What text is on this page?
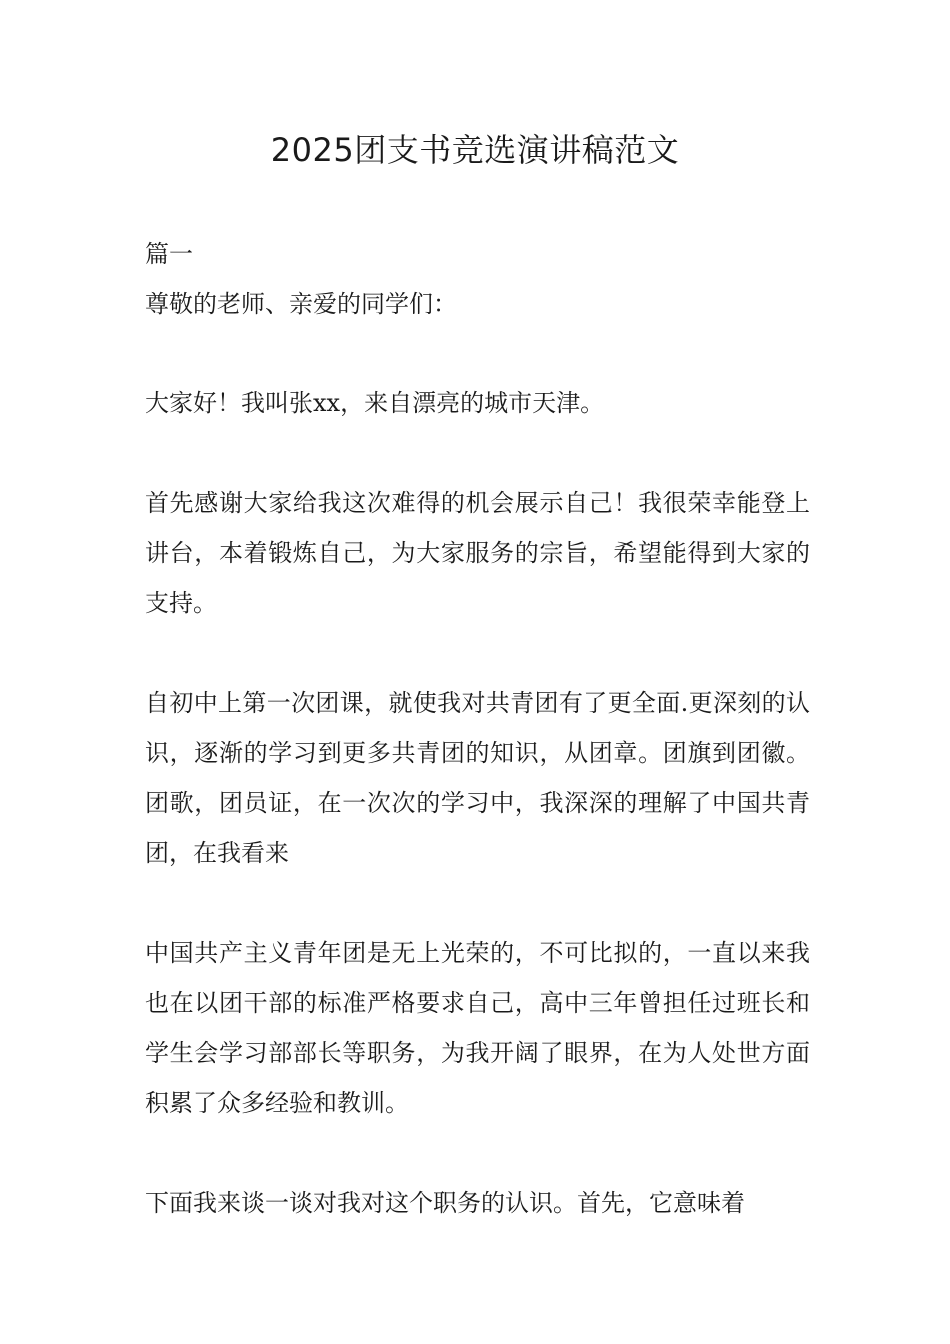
2025团支书竞选演讲稿范文

篇一

尊敬的老师、亲爱的同学们：

大家好！我叫张xx，来自漂亮的城市天津。

首先感谢大家给我这次难得的机会展示自己！我很荣幸能登上讲台，本着锻炼自己，为大家服务的宗旨，希望能得到大家的支持。

自初中上第一次团课，就使我对共青团有了更全面.更深刻的认识，逐渐的学习到更多共青团的知识，从团章。团旗到团徽。团歌，团员证，在一次次的学习中，我深深的理解了中国共青团，在我看来

中国共产主义青年团是无上光荣的，不可比拟的，一直以来我也在以团干部的标准严格要求自己，高中三年曾担任过班长和学生会学习部部长等职务，为我开阔了眼界，在为人处世方面积累了众多经验和教训。

下面我来谈一谈对我对这个职务的认识。首先，它意味着
